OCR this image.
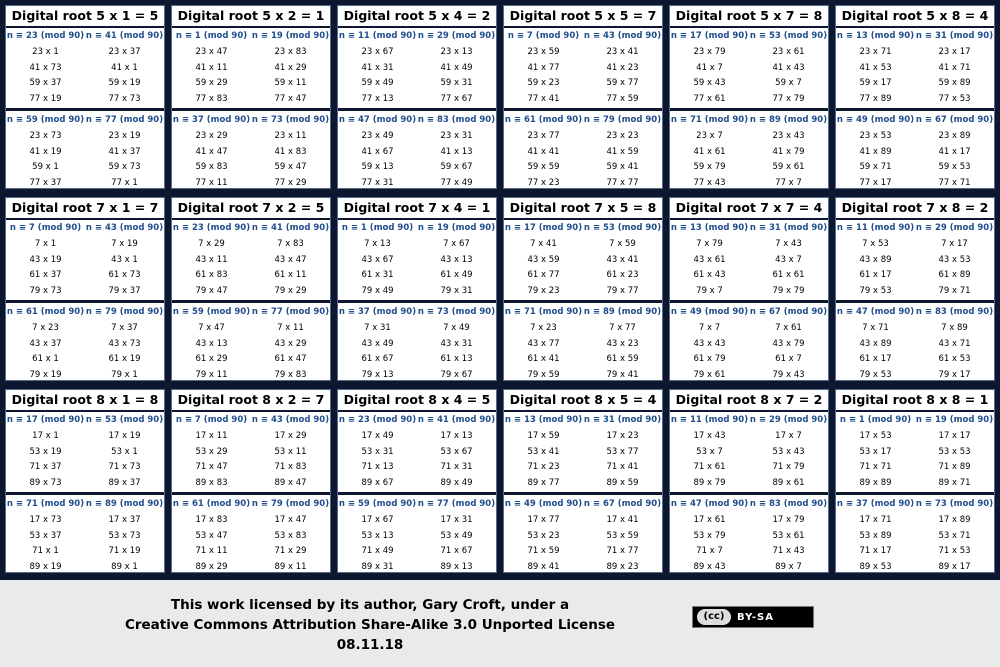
Digital root 5 x 1 = 5
n ≡ 23 (mod 90) n ≡ 41 (mod 90)
23 x 1	23 x 37
41 x 73	41 x 1
59 x 37	59 x 19
77 x 19	77 x 73
n ≡ 59 (mod 90) n ≡ 77 (mod 90)
23 x 73	23 x 19
41 x 19	41 x 37
59 x 1	59 x 73
77 x 37	77 x 1
Digital root 5 x 2 = 1
n ≡ 1 (mod 90) n ≡ 19 (mod 90)
23 x 47	23 x 83
41 x 11	41 x 29
59 x 29	59 x 11
77 x 83	77 x 47
n ≡ 37 (mod 90) n ≡ 73 (mod 90)
23 x 29	23 x 11
41 x 47	41 x 83
59 x 83	59 x 47
77 x 11	77 x 29
Digital root 5 x 4 = 2
n ≡ 11 (mod 90) n ≡ 29 (mod 90)
23 x 67	23 x 13
41 x 31	41 x 49
59 x 49	59 x 31
77 x 13	77 x 67
n ≡ 47 (mod 90) n ≡ 83 (mod 90)
23 x 49	23 x 31
41 x 67	41 x 13
59 x 13	59 x 67
77 x 31	77 x 49
Digital root 5 x 5 = 7
n ≡ 7 (mod 90) n ≡ 43 (mod 90)
23 x 59	23 x 41
41 x 77	41 x 23
59 x 23	59 x 77
77 x 41	77 x 59
n ≡ 61 (mod 90) n ≡ 79 (mod 90)
23 x 77	23 x 23
41 x 41	41 x 59
59 x 59	59 x 41
77 x 23	77 x 77
Digital root 5 x 7 = 8
n ≡ 17 (mod 90) n ≡ 53 (mod 90)
23 x 79	23 x 61
41 x 7	41 x 43
59 x 43	59 x 7
77 x 61	77 x 79
n ≡ 71 (mod 90) n ≡ 89 (mod 90)
23 x 7	23 x 43
41 x 61	41 x 79
59 x 79	59 x 61
77 x 43	77 x 7
Digital root 5 x 8 = 4
n ≡ 13 (mod 90) n ≡ 31 (mod 90)
23 x 71	23 x 17
41 x 53	41 x 71
59 x 17	59 x 89
77 x 89	77 x 53
n ≡ 49 (mod 90) n ≡ 67 (mod 90)
23 x 53	23 x 89
41 x 89	41 x 17
59 x 71	59 x 53
77 x 17	77 x 71
Digital root 7 x 1 = 7
n ≡ 7 (mod 90) n ≡ 43 (mod 90)
7 x 1	7 x 19
43 x 19	43 x 1
61 x 37	61 x 73
79 x 73	79 x 37
n ≡ 61 (mod 90) n ≡ 79 (mod 90)
7 x 23	7 x 37
43 x 37	43 x 73
61 x 1	61 x 19
79 x 19	79 x 1
Digital root 7 x 2 = 5
n ≡ 23 (mod 90) n ≡ 41 (mod 90)
7 x 29	7 x 83
43 x 11	43 x 47
61 x 83	61 x 11
79 x 47	79 x 29
n ≡ 59 (mod 90) n ≡ 77 (mod 90)
7 x 47	7 x 11
43 x 13	43 x 29
61 x 29	61 x 47
79 x 11	79 x 83
Digital root 7 x 4 = 1
n ≡ 1 (mod 90) n ≡ 19 (mod 90)
7 x 13	7 x 67
43 x 67	43 x 13
61 x 31	61 x 49
79 x 49	79 x 31
n ≡ 37 (mod 90) n ≡ 73 (mod 90)
7 x 31	7 x 49
43 x 49	43 x 31
61 x 67	61 x 13
79 x 13	79 x 67
Digital root 7 x 5 = 8
n ≡ 17 (mod 90) n ≡ 53 (mod 90)
7 x 41	7 x 59
43 x 59	43 x 41
61 x 77	61 x 23
79 x 23	79 x 77
n ≡ 71 (mod 90) n ≡ 89 (mod 90)
7 x 23	7 x 77
43 x 77	43 x 23
61 x 41	61 x 59
79 x 59	79 x 41
Digital root 7 x 7 = 4
n ≡ 13 (mod 90) n ≡ 31 (mod 90)
7 x 79	7 x 43
43 x 61	43 x 7
61 x 43	61 x 61
79 x 7	79 x 79
n ≡ 49 (mod 90) n ≡ 67 (mod 90)
7 x 7	7 x 61
43 x 43	43 x 79
61 x 79	61 x 7
79 x 61	79 x 43
Digital root 7 x 8 = 2
n ≡ 11 (mod 90) n ≡ 29 (mod 90)
7 x 53	7 x 17
43 x 89	43 x 53
61 x 17	61 x 89
79 x 53	79 x 71
n ≡ 47 (mod 90) n ≡ 83 (mod 90)
7 x 71	7 x 89
43 x 89	43 x 71
61 x 17	61 x 53
79 x 53	79 x 17
Digital root 8 x 1 = 8
n ≡ 17 (mod 90) n ≡ 53 (mod 90)
17 x 1	17 x 19
53 x 19	53 x 1
71 x 37	71 x 73
89 x 73	89 x 37
n ≡ 71 (mod 90) n ≡ 89 (mod 90)
17 x 73	17 x 37
53 x 37	53 x 73
71 x 1	71 x 19
89 x 19	89 x 1
Digital root 8 x 2 = 7
n ≡ 7 (mod 90) n ≡ 43 (mod 90)
17 x 11	17 x 29
53 x 29	53 x 11
71 x 47	71 x 83
89 x 83	89 x 47
n ≡ 61 (mod 90) n ≡ 79 (mod 90)
17 x 83	17 x 47
53 x 47	53 x 83
71 x 11	71 x 29
89 x 29	89 x 11
Digital root 8 x 4 = 5
n ≡ 23 (mod 90) n ≡ 41 (mod 90)
17 x 49	17 x 13
53 x 31	53 x 67
71 x 13	71 x 31
89 x 67	89 x 49
n ≡ 59 (mod 90) n ≡ 77 (mod 90)
17 x 67	17 x 31
53 x 13	53 x 49
71 x 49	71 x 67
89 x 31	89 x 13
Digital root 8 x 5 = 4
n ≡ 13 (mod 90) n ≡ 31 (mod 90)
17 x 59	17 x 23
53 x 41	53 x 77
71 x 23	71 x 41
89 x 77	89 x 59
n ≡ 49 (mod 90) n ≡ 67 (mod 90)
17 x 77	17 x 41
53 x 23	53 x 59
71 x 59	71 x 77
89 x 41	89 x 23
Digital root 8 x 7 = 2
n ≡ 11 (mod 90) n ≡ 29 (mod 90)
17 x 43	17 x 7
53 x 7	53 x 43
71 x 61	71 x 79
89 x 79	89 x 61
n ≡ 47 (mod 90) n ≡ 83 (mod 90)
17 x 61	17 x 79
53 x 79	53 x 61
71 x 7	71 x 43
89 x 43	89 x 7
Digital root 8 x 8 = 1
n ≡ 1 (mod 90) n ≡ 19 (mod 90)
17 x 53	17 x 17
53 x 17	53 x 53
71 x 71	71 x 89
89 x 89	89 x 71
n ≡ 37 (mod 90) n ≡ 73 (mod 90)
17 x 71	17 x 89
53 x 89	53 x 71
71 x 17	71 x 53
89 x 53	89 x 17
This work licensed by its author, Gary Croft, under a
Creative Commons Attribution Share-Alike 3.0 Unported License
08.11.18
(cc)	BY-SA
